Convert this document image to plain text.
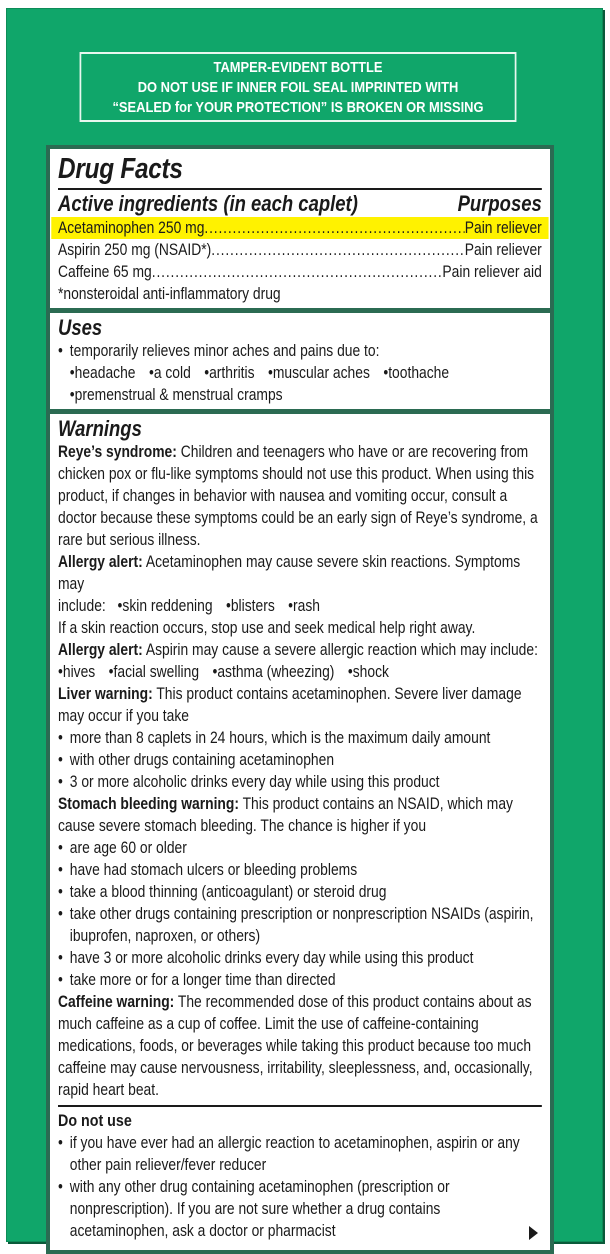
TAMPER-EVIDENT BOTTLE
DO NOT USE IF INNER FOIL SEAL IMPRINTED WITH
“SEALED for YOUR PROTECTION” IS BROKEN OR MISSING
Drug Facts
Active ingredients (in each caplet)	Purposes
Acetaminophen 250 mg .....	Pain reliever
Aspirin 250 mg (NSAID*) .....	Pain reliever
Caffeine 65 mg .....	Pain reliever aid
*nonsteroidal anti-inflammatory drug
Uses
• temporarily relieves minor aches and pains due to:
• headache • a cold • arthritis • muscular aches • toothache
• premenstrual & menstrual cramps
Warnings
Reye’s syndrome: Children and teenagers who have or are recovering from chicken pox or flu-like symptoms should not use this product. When using this product, if changes in behavior with nausea and vomiting occur, consult a doctor because these symptoms could be an early sign of Reye’s syndrome, a rare but serious illness.
Allergy alert: Acetaminophen may cause severe skin reactions. Symptoms may
include: • skin reddening • blisters • rash
If a skin reaction occurs, stop use and seek medical help right away.
Allergy alert: Aspirin may cause a severe allergic reaction which may include:
• hives • facial swelling • asthma (wheezing) • shock
Liver warning: This product contains acetaminophen. Severe liver damage may occur if you take
• more than 8 caplets in 24 hours, which is the maximum daily amount
• with other drugs containing acetaminophen
• 3 or more alcoholic drinks every day while using this product
Stomach bleeding warning: This product contains an NSAID, which may cause severe stomach bleeding. The chance is higher if you
• are age 60 or older
• have had stomach ulcers or bleeding problems
• take a blood thinning (anticoagulant) or steroid drug
• take other drugs containing prescription or nonprescription NSAIDs (aspirin, ibuprofen, naproxen, or others)
• have 3 or more alcoholic drinks every day while using this product
• take more or for a longer time than directed
Caffeine warning: The recommended dose of this product contains about as much caffeine as a cup of coffee. Limit the use of caffeine-containing medications, foods, or beverages while taking this product because too much caffeine may cause nervousness, irritability, sleeplessness, and, occasionally, rapid heart beat.
Do not use
• if you have ever had an allergic reaction to acetaminophen, aspirin or any other pain reliever/fever reducer
• with any other drug containing acetaminophen (prescription or nonprescription). If you are not sure whether a drug contains acetaminophen, ask a doctor or pharmacist
